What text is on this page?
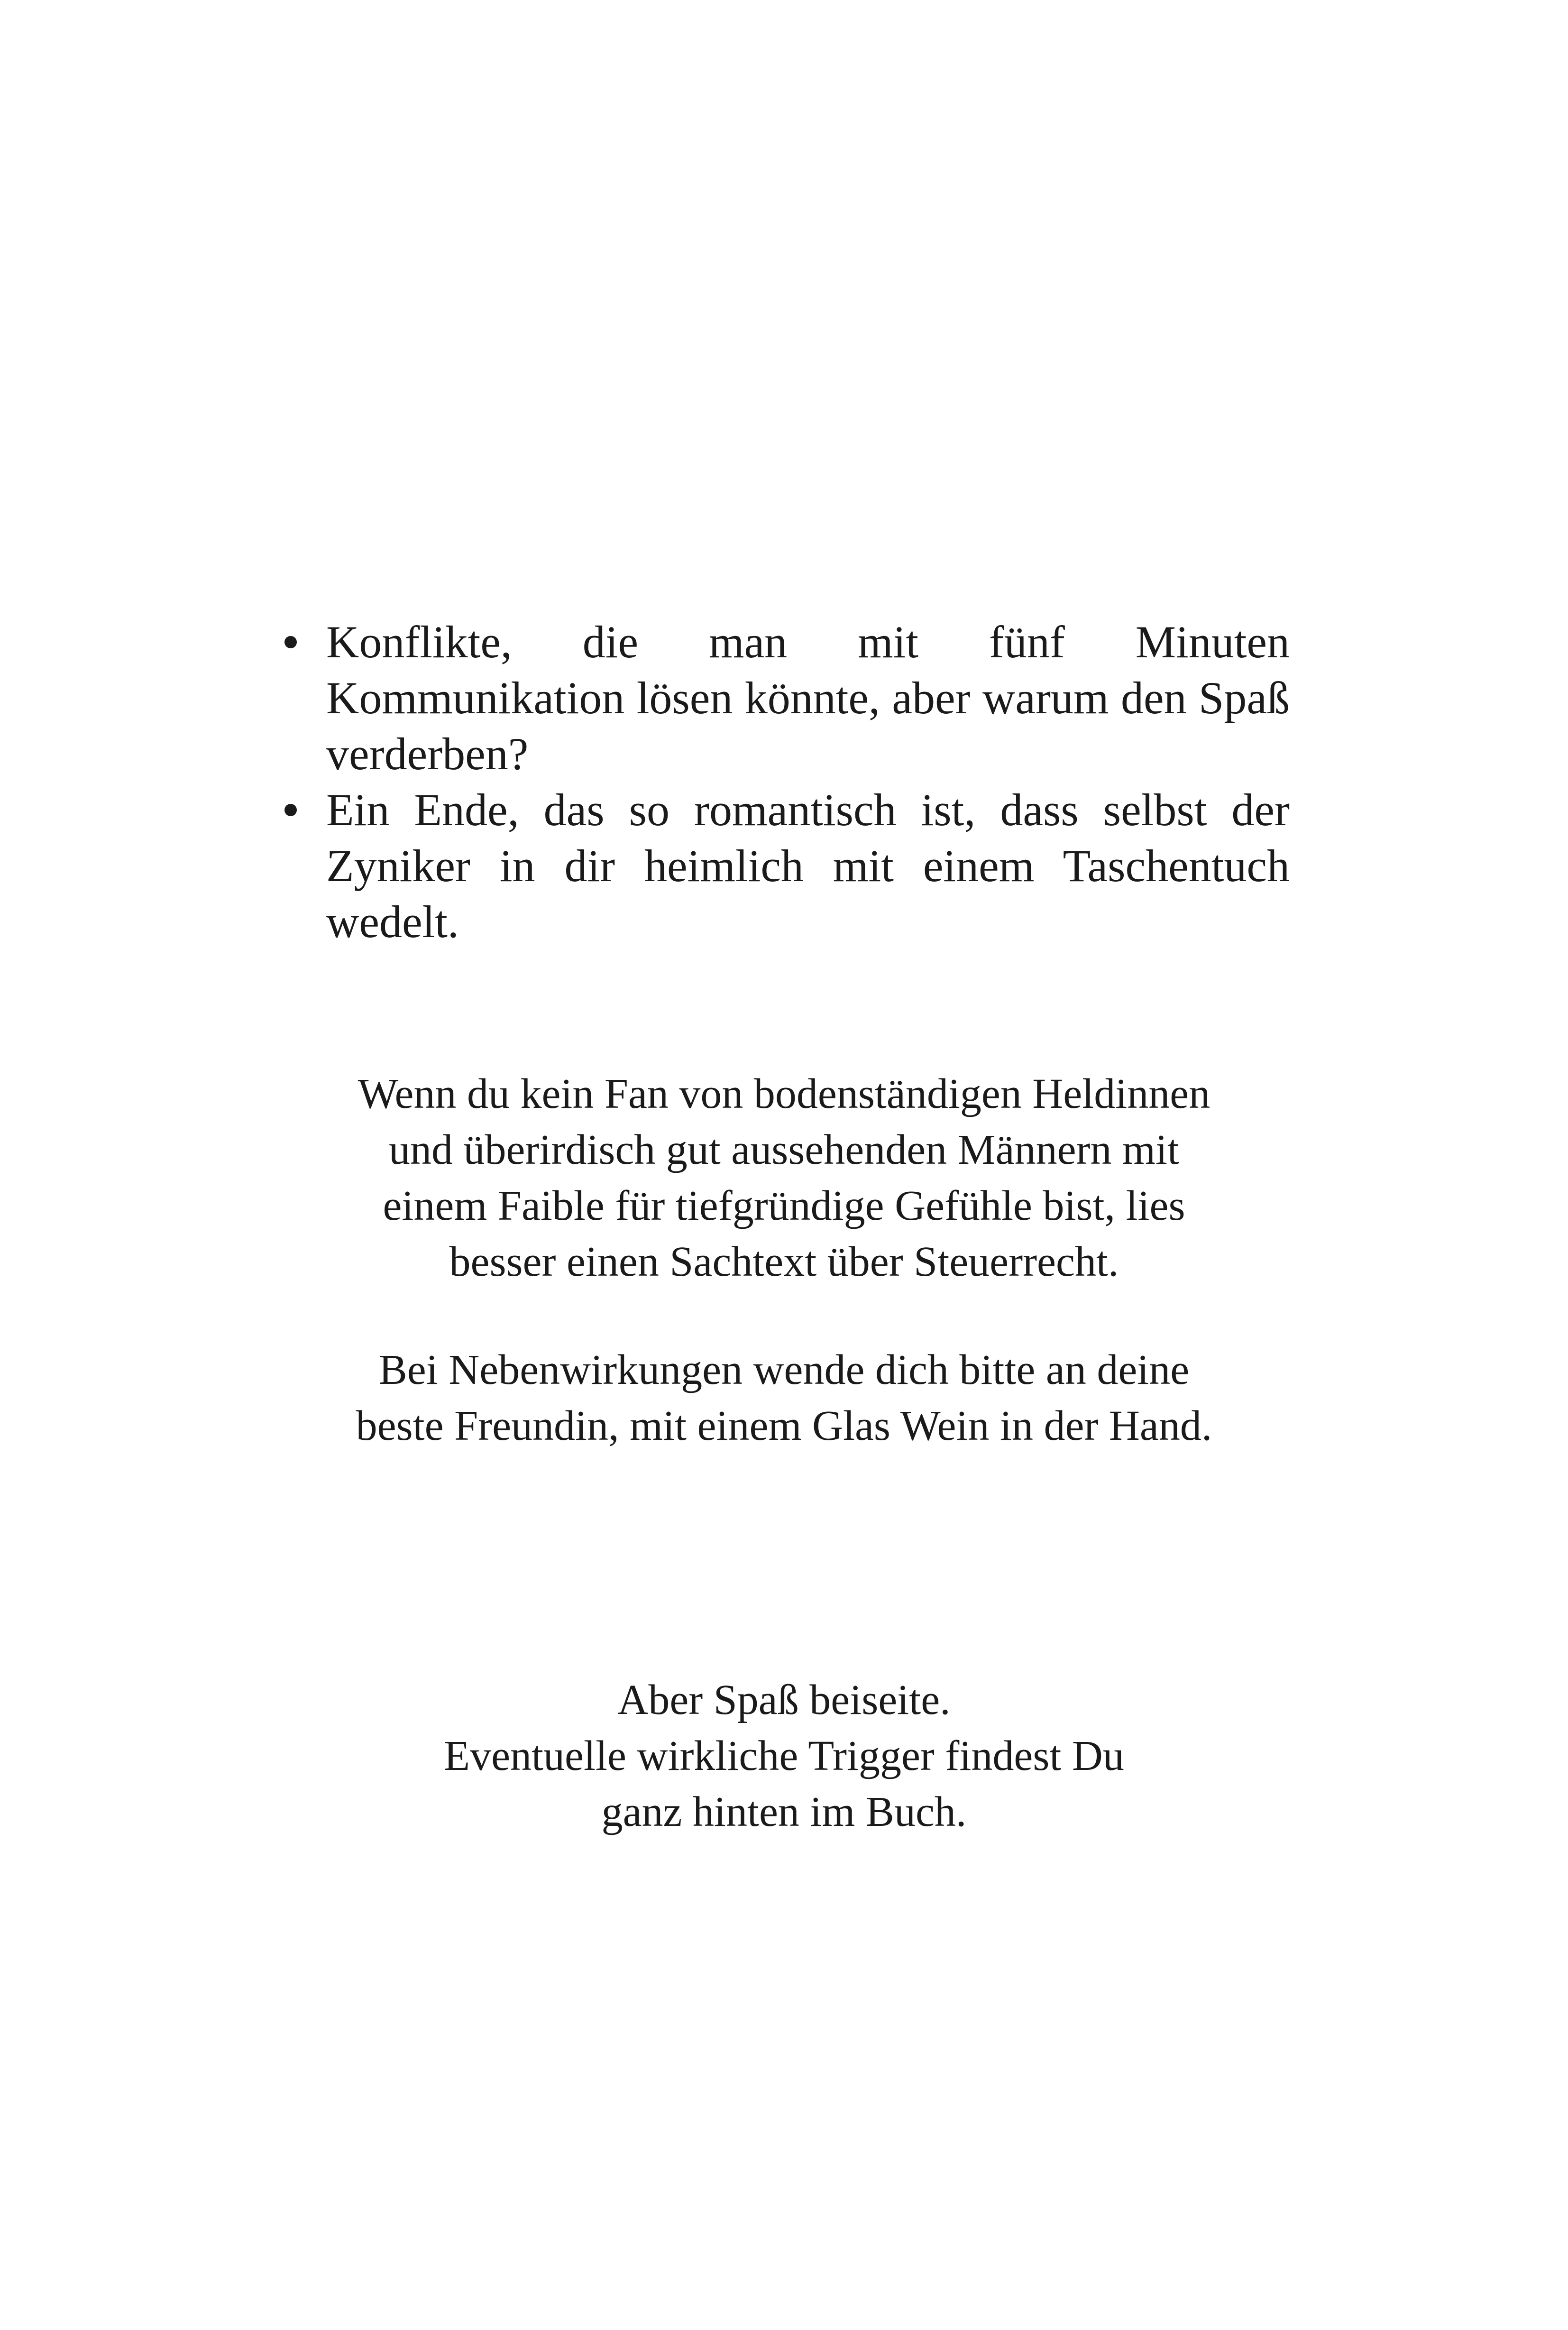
Konflikte, die man mit fünf Minuten Kommunikation lösen könnte, aber warum den Spaß verderben?
Ein Ende, das so romantisch ist, dass selbst der Zyniker in dir heimlich mit einem Taschentuch wedelt.

Wenn du kein Fan von bodenständigen Heldinnen
und überirdisch gut aussehenden Männern mit
einem Faible für tiefgründige Gefühle bist, lies
besser einen Sachtext über Steuerrecht.

Bei Nebenwirkungen wende dich bitte an deine
beste Freundin, mit einem Glas Wein in der Hand.

Aber Spaß beiseite.
Eventuelle wirkliche Trigger findest Du
ganz hinten im Buch.
